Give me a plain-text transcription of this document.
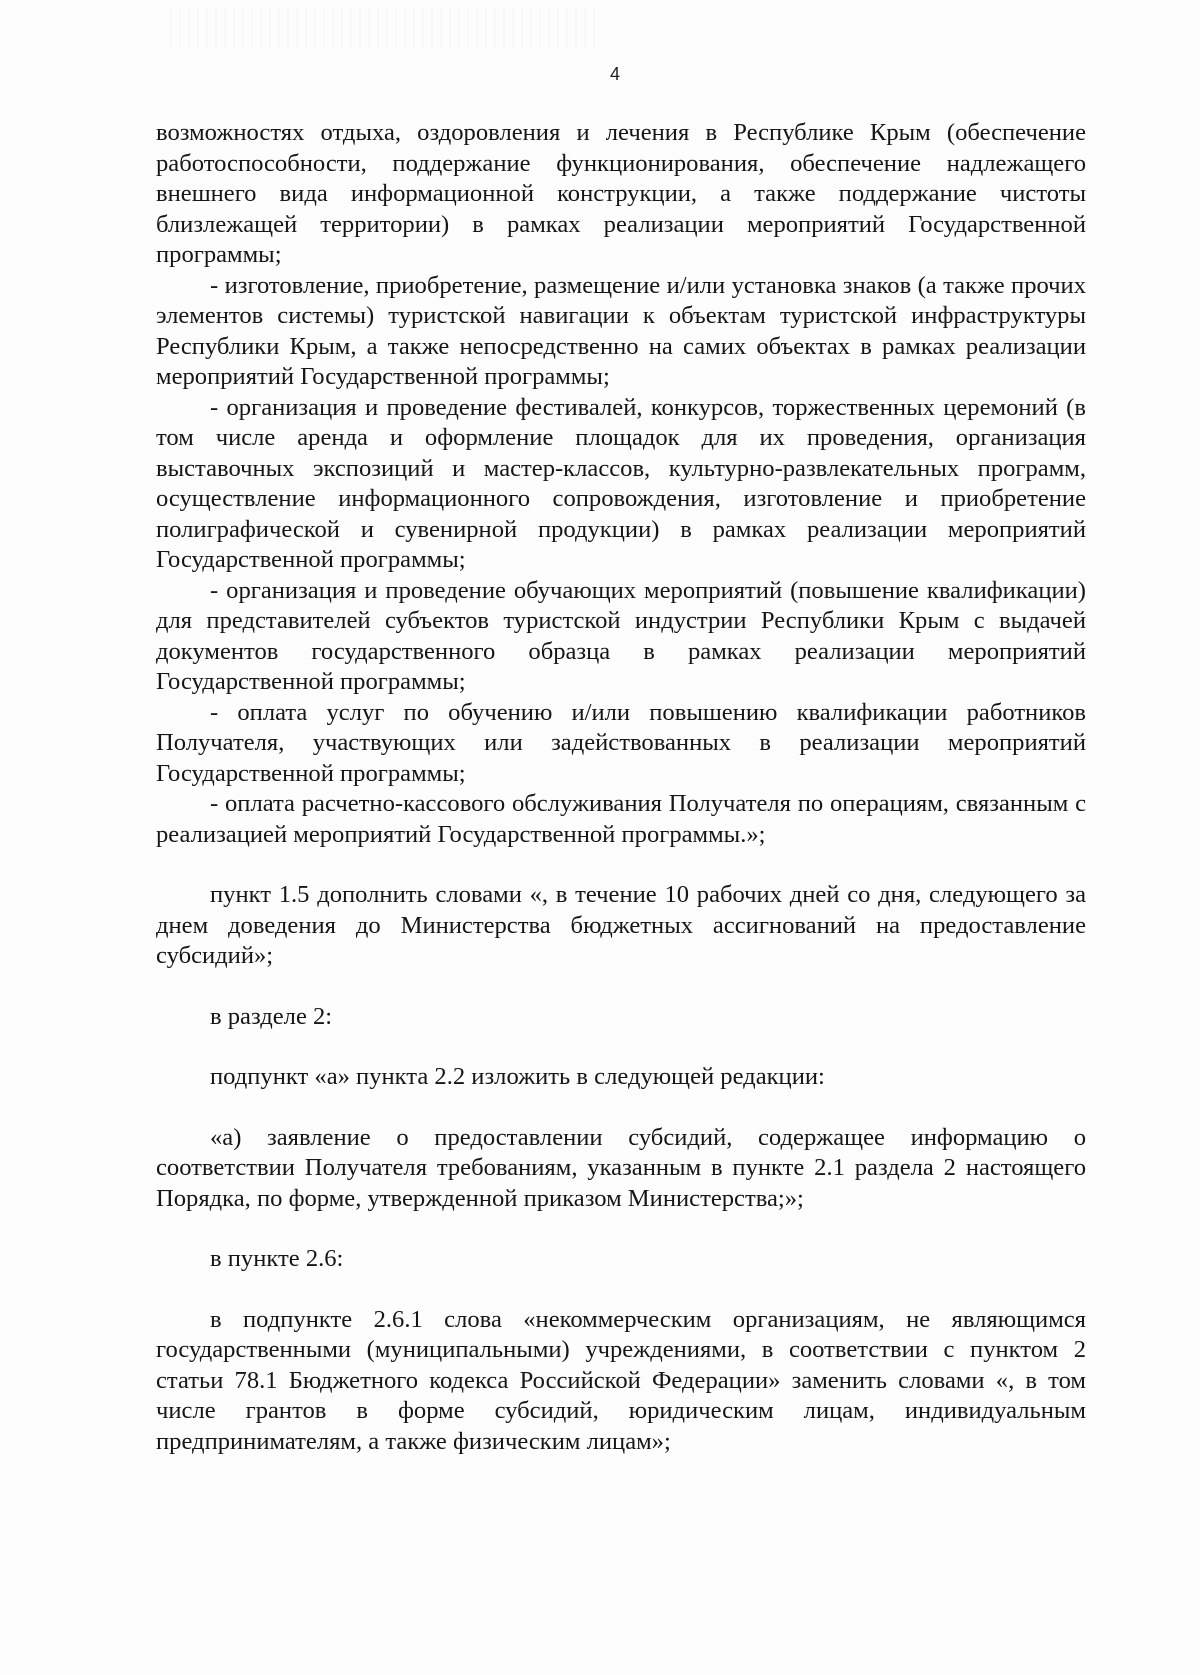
4

возможностях отдыха, оздоровления и лечения в Республике Крым (обеспечение работоспособности, поддержание функционирования, обеспечение надлежащего внешнего вида информационной конструкции, а также поддержание чистоты близлежащей территории) в рамках реализации мероприятий Государственной программы;

- изготовление, приобретение, размещение и/или установка знаков (а также прочих элементов системы) туристской навигации к объектам туристской инфраструктуры Республики Крым, а также непосредственно на самих объектах в рамках реализации мероприятий Государственной программы;

- организация и проведение фестивалей, конкурсов, торжественных церемоний (в том числе аренда и оформление площадок для их проведения, организация выставочных экспозиций и мастер-классов, культурно-развлекательных программ, осуществление информационного сопровождения, изготовление и приобретение полиграфической и сувенирной продукции) в рамках реализации мероприятий Государственной программы;

- организация и проведение обучающих мероприятий (повышение квалификации) для представителей субъектов туристской индустрии Республики Крым с выдачей документов государственного образца в рамках реализации мероприятий Государственной программы;

- оплата услуг по обучению и/или повышению квалификации работников Получателя, участвующих или задействованных в реализации мероприятий Государственной программы;

- оплата расчетно-кассового обслуживания Получателя по операциям, связанным с реализацией мероприятий Государственной программы.»;

пункт 1.5 дополнить словами «, в течение 10 рабочих дней со дня, следующего за днем доведения до Министерства бюджетных ассигнований на предоставление субсидий»;

в разделе 2:

подпункт «а» пункта 2.2 изложить в следующей редакции:

«а) заявление о предоставлении субсидий, содержащее информацию о соответствии Получателя требованиям, указанным в пункте 2.1 раздела 2 настоящего Порядка, по форме, утвержденной приказом Министерства;»;

в пункте 2.6:

в подпункте 2.6.1 слова «некоммерческим организациям, не являющимся государственными (муниципальными) учреждениями, в соответствии с пунктом 2 статьи 78.1 Бюджетного кодекса Российской Федерации» заменить словами «, в том числе грантов в форме субсидий, юридическим лицам, индивидуальным предпринимателям, а также физическим лицам»;
